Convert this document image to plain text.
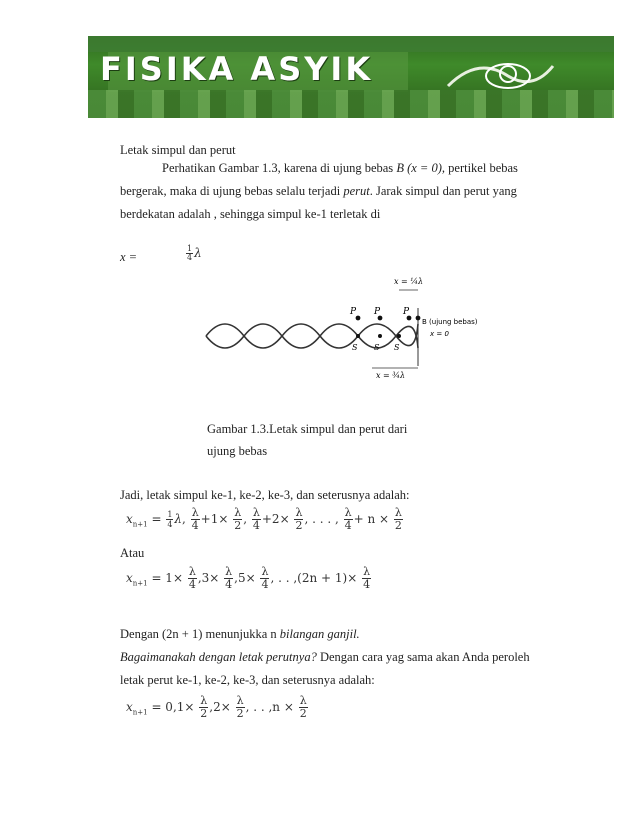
FISIKA ASYIK
Letak simpul dan perut
Perhatikan Gambar 1.3, karena di ujung bebas B (x = 0), pertikel bebas
bergerak, maka di ujung bebas selalu terjadi perut. Jarak simpul dan perut yang
berdekatan adalah , sehingga simpul ke-1 terletak di
x =	$\frac{1}{4}$ λ
P P	P
S S S
B (ujung bebas)
x = 0
x = ¼λ
x = ¾λ
Gambar 1.3.Letak simpul dan perut dari
ujung bebas
Jadi, letak simpul ke-1, ke-2, ke-3, dan seterusnya adalah:
$x_{n+1} = \frac{1}{4} \lambda$, $\frac{\lambda}{4} +1\times \frac{\lambda}{2}$ , $\frac{\lambda}{4} +2\times \frac{\lambda}{2}$ , . . . , $\frac{\lambda}{4} + n \times \frac{\lambda}{2}$
Atau
$x_{n+1} = 1\times \frac{\lambda}{4} ,3\times \frac{\lambda}{4} ,5\times \frac{\lambda}{4}$ , . . $,(2n + 1)\times \frac{\lambda}{4}$
Dengan (2n + 1) menunjukka n bilangan ganjil.
Bagaimanakah dengan letak perutnya? Dengan cara yag sama akan Anda peroleh
letak perut ke-1, ke-2, ke-3, dan seterusnya adalah:
$x_{n+1} = 0,1\times \frac{\lambda}{2} ,2\times \frac{\lambda}{2}$ , . . $,n \times \frac{\lambda}{2}$
